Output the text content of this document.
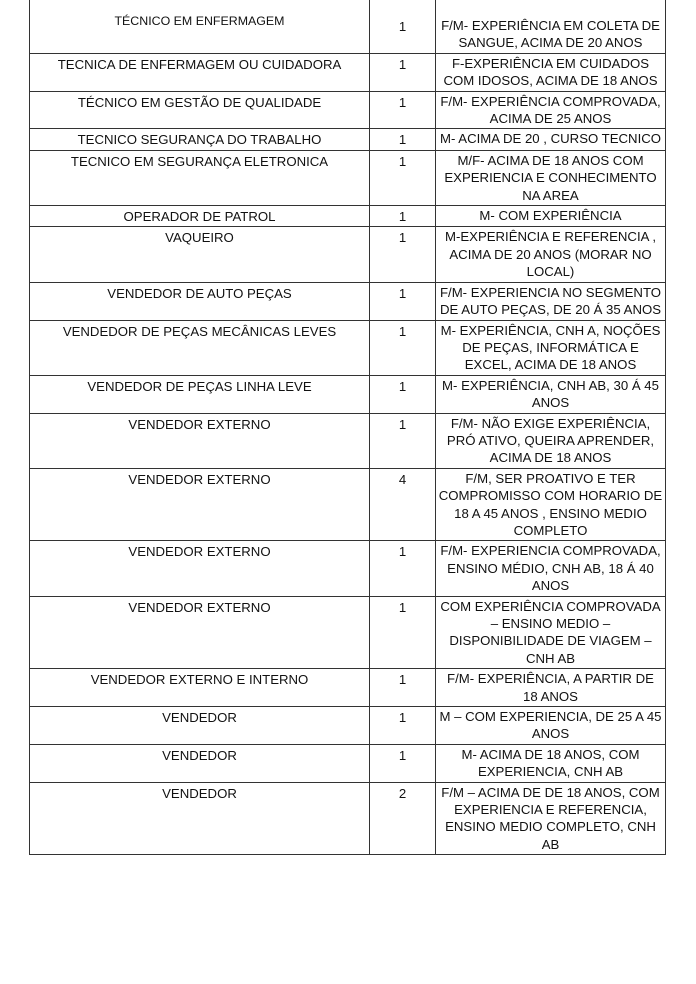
TÉCNICO EM ENFERMAGEM	1	F/M- EXPERIÊNCIA EM COLETA DE SANGUE, ACIMA DE 20 ANOS
TECNICA DE ENFERMAGEM OU CUIDADORA	1	F-EXPERIÊNCIA EM CUIDADOS COM IDOSOS, ACIMA DE 18 ANOS
TÉCNICO EM GESTÃO DE QUALIDADE	1	F/M- EXPERIÊNCIA COMPROVADA, ACIMA DE 25 ANOS
TECNICO SEGURANÇA DO TRABALHO	1	M- ACIMA DE 20 , CURSO TECNICO
TECNICO EM SEGURANÇA ELETRONICA	1	M/F- ACIMA DE 18 ANOS COM EXPERIENCIA E CONHECIMENTO NA AREA
OPERADOR DE PATROL	1	M- COM EXPERIÊNCIA
VAQUEIRO	1	M-EXPERIÊNCIA E REFERENCIA , ACIMA DE 20 ANOS (MORAR NO LOCAL)
VENDEDOR DE AUTO PEÇAS	1	F/M- EXPERIENCIA NO SEGMENTO DE AUTO PEÇAS, DE 20 Á 35 ANOS
VENDEDOR DE PEÇAS MECÂNICAS LEVES	1	M- EXPERIÊNCIA, CNH A, NOÇÕES DE PEÇAS, INFORMÁTICA E EXCEL, ACIMA DE 18 ANOS
VENDEDOR DE PEÇAS LINHA LEVE	1	M- EXPERIÊNCIA, CNH AB, 30 Á 45 ANOS
VENDEDOR EXTERNO	1	F/M- NÃO EXIGE EXPERIÊNCIA, PRÓ ATIVO, QUEIRA APRENDER, ACIMA DE 18 ANOS
VENDEDOR EXTERNO	4	F/M, SER PROATIVO E TER COMPROMISSO COM HORARIO DE 18 A 45 ANOS , ENSINO MEDIO COMPLETO
VENDEDOR EXTERNO	1	F/M- EXPERIENCIA COMPROVADA, ENSINO MÉDIO, CNH AB, 18 Á 40 ANOS
VENDEDOR EXTERNO	1	COM EXPERIÊNCIA COMPROVADA – ENSINO MEDIO – DISPONIBILIDADE DE VIAGEM – CNH AB
VENDEDOR EXTERNO E INTERNO	1	F/M- EXPERIÊNCIA, A PARTIR DE 18 ANOS
VENDEDOR	1	M – COM EXPERIENCIA, DE 25 A 45 ANOS
VENDEDOR	1	M- ACIMA DE 18 ANOS, COM EXPERIENCIA, CNH AB
VENDEDOR	2	F/M – ACIMA DE DE 18 ANOS, COM EXPERIENCIA E REFERENCIA, ENSINO MEDIO COMPLETO, CNH AB
